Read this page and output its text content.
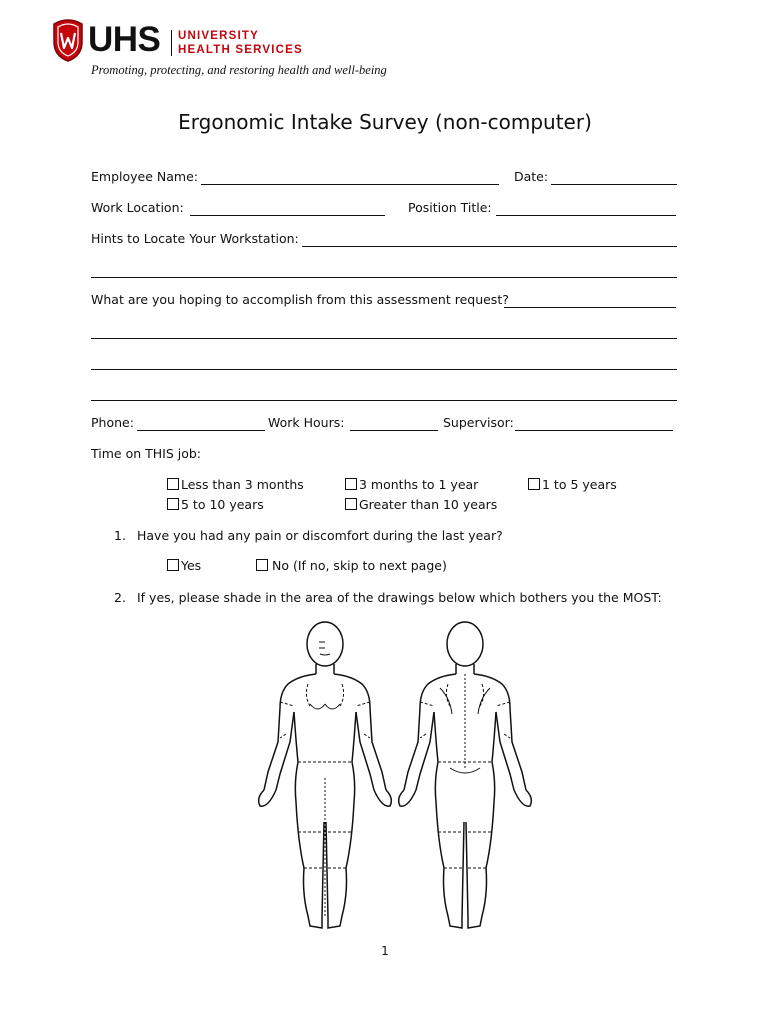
UHS UNIVERSITY
HEALTH SERVICES
Promoting, protecting, and restoring health and well-being
Ergonomic Intake Survey (non-computer)
Employee Name:	Date:
Work Location:	Position Title:
Hints to Locate Your Workstation:
What are you hoping to accomplish from this assessment request?
Phone:	Work Hours:	Supervisor:
Time on THIS job:
Less than 3 months	3 months to 1 year	1 to 5 years
5 to 10 years	Greater than 10 years
1. Have you had any pain or discomfort during the last year?
Yes	No (If no, skip to next page)
2. If yes, please shade in the area of the drawings below which bothers you the MOST:
1
